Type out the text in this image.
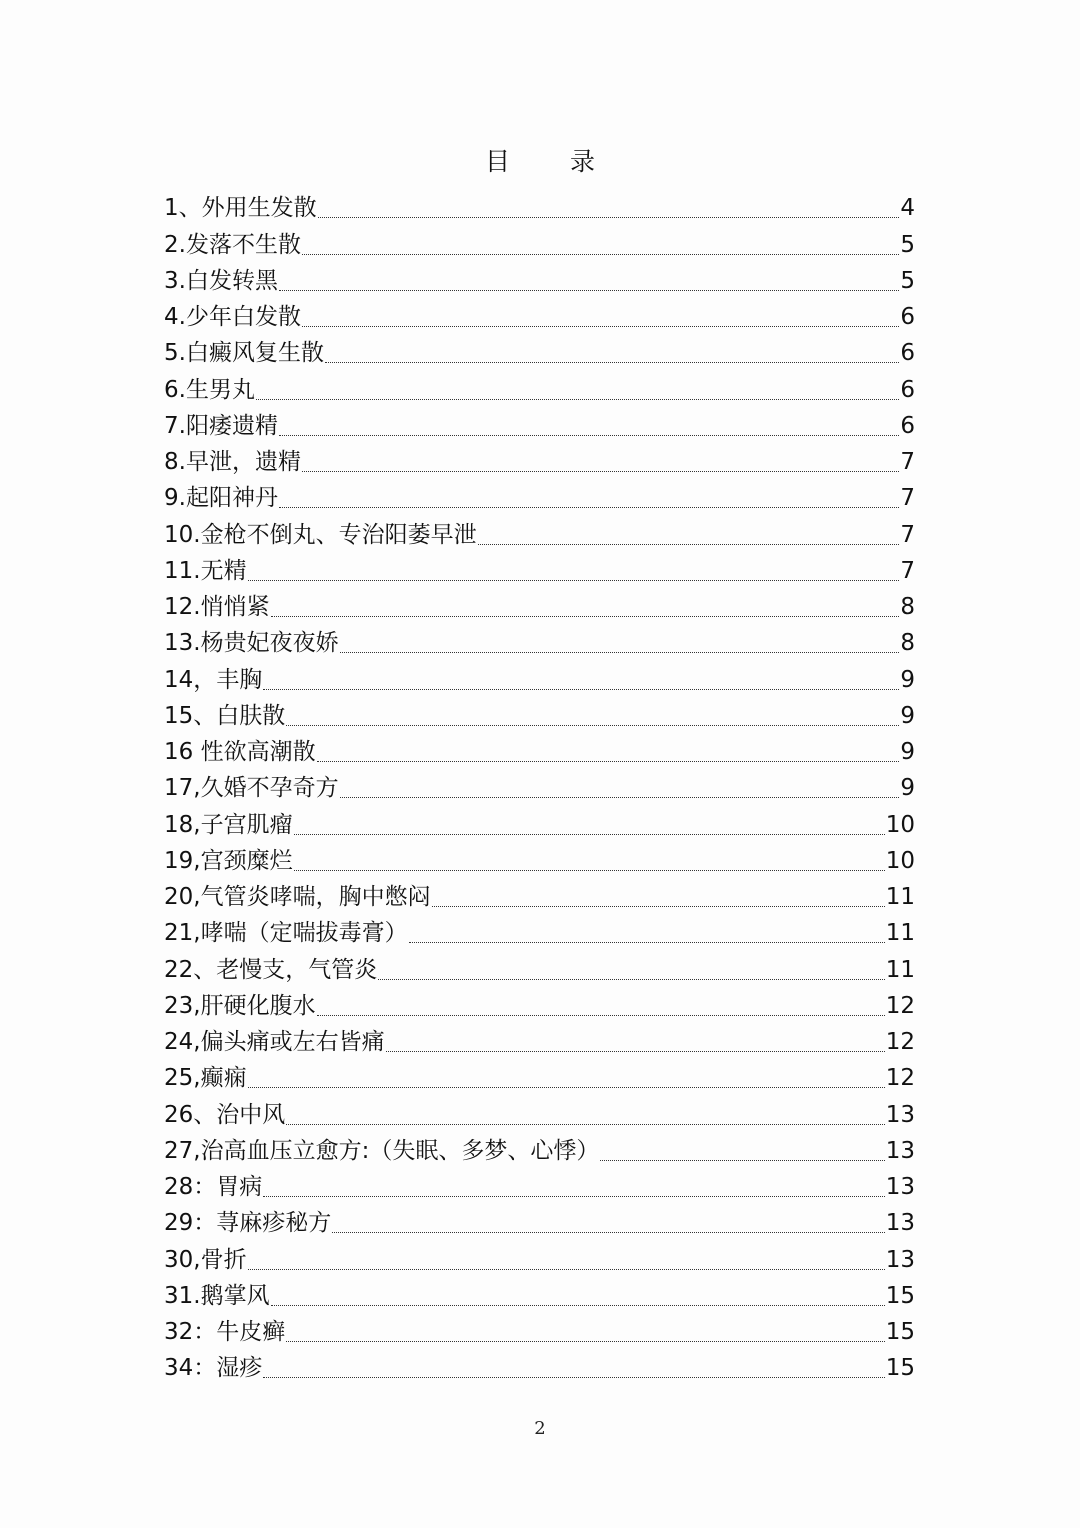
目 录
1、外用生发散	4
2.发落不生散	5
3.白发转黑	5
4.少年白发散	6
5.白癜风复生散	6
6.生男丸	6
7.阳痿遗精	6
8.早泄，遗精	7
9.起阳神丹	7
10.金枪不倒丸、专治阳萎早泄	7
11.无精	7
12.悄悄紧	8
13.杨贵妃夜夜娇	8
14，丰胸	9
15、白肤散	9
16 性欲高潮散	9
17,久婚不孕奇方	9
18,子宫肌瘤	10
19,宫颈糜烂	10
20,气管炎哮喘，胸中憋闷	11
21,哮喘（定喘拔毒膏）	11
22、老慢支，气管炎	11
23,肝硬化腹水	12
24,偏头痛或左右皆痛	12
25,癫痫	12
26、治中风	13
27,治高血压立愈方:（失眠、多梦、心悸）	13
28：胃病	13
29：荨麻疹秘方	13
30,骨折	13
31.鹅掌风	15
32：牛皮癣	15
34：湿疹	15
2
